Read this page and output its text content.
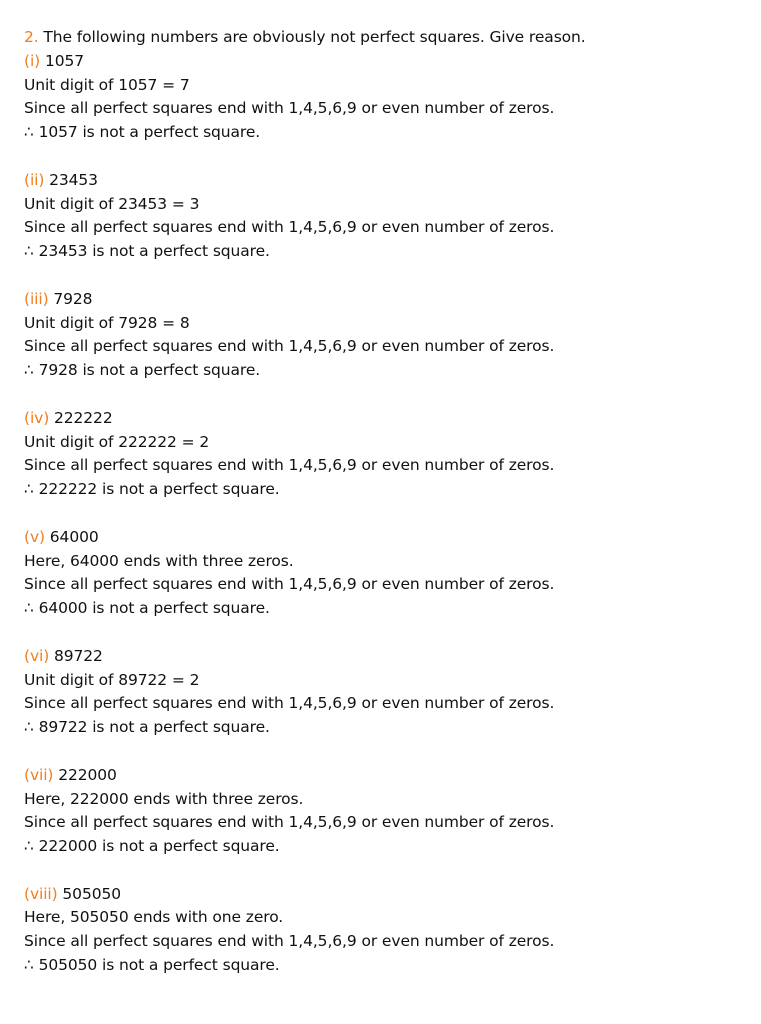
2. The following numbers are obviously not perfect squares. Give reason.
(i) 1057
Unit digit of 1057 = 7
Since all perfect squares end with 1,4,5,6,9 or even number of zeros.
∴ 1057 is not a perfect square.
(ii) 23453
Unit digit of 23453 = 3
Since all perfect squares end with 1,4,5,6,9 or even number of zeros.
∴ 23453 is not a perfect square.
(iii) 7928
Unit digit of 7928 = 8
Since all perfect squares end with 1,4,5,6,9 or even number of zeros.
∴ 7928 is not a perfect square.
(iv) 222222
Unit digit of 222222 = 2
Since all perfect squares end with 1,4,5,6,9 or even number of zeros.
∴ 222222 is not a perfect square.
(v) 64000
Here, 64000 ends with three zeros.
Since all perfect squares end with 1,4,5,6,9 or even number of zeros.
∴ 64000 is not a perfect square.
(vi) 89722
Unit digit of 89722 = 2
Since all perfect squares end with 1,4,5,6,9 or even number of zeros.
∴ 89722 is not a perfect square.
(vii) 222000
Here, 222000 ends with three zeros.
Since all perfect squares end with 1,4,5,6,9 or even number of zeros.
∴ 222000 is not a perfect square.
(viii) 505050
Here, 505050 ends with one zero.
Since all perfect squares end with 1,4,5,6,9 or even number of zeros.
∴ 505050 is not a perfect square.
